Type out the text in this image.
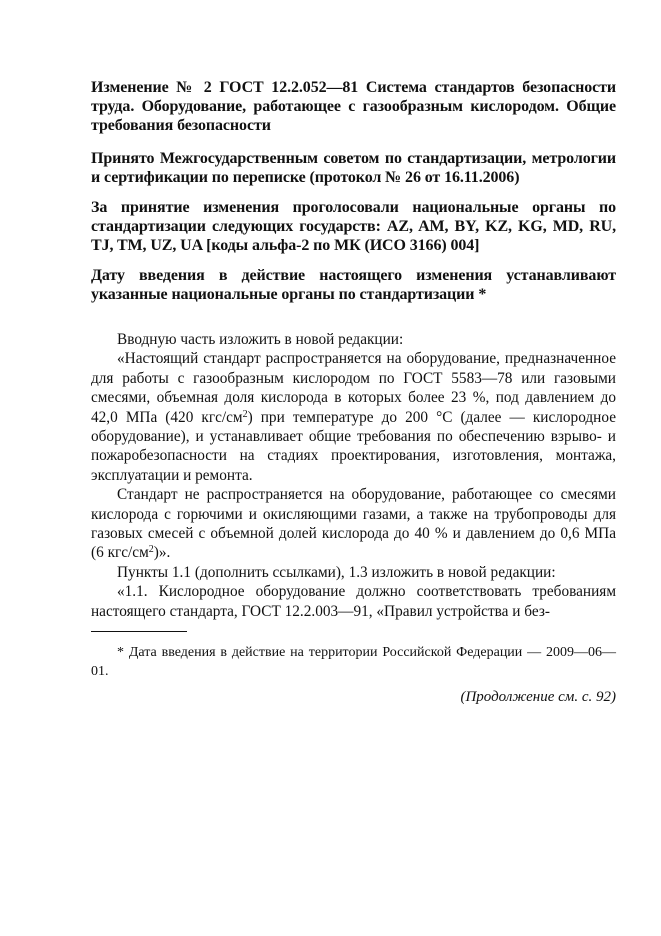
Изменение № 2 ГОСТ 12.2.052—81 Система стандартов безопасности труда. Оборудование, работающее с газообразным кислородом. Общие требования безопасности

Принято Межгосударственным советом по стандартизации, метрологии и сертификации по переписке (протокол № 26 от 16.11.2006)

За принятие изменения проголосовали национальные органы по стандартизации следующих государств: AZ, AM, BY, KZ, KG, MD, RU, TJ, TM, UZ, UA [коды альфа-2 по МК (ИСО 3166) 004]

Дату введения в действие настоящего изменения устанавливают указанные национальные органы по стандартизации *

Вводную часть изложить в новой редакции:

«Настоящий стандарт распространяется на оборудование, предназначенное для работы с газообразным кислородом по ГОСТ 5583—78 или газовыми смесями, объемная доля кислорода в которых более 23 %, под давлением до 42,0 МПа (420 кгс/$см^2$) при температуре до 200 °С (далее — кислородное оборудование), и устанавливает общие требования по обеспечению взрыво- и пожаробезопасности на стадиях проектирования, изготовления, монтажа, эксплуатации и ремонта.

Стандарт не распространяется на оборудование, работающее со смесями кислорода с горючими и окисляющими газами, а также на трубопроводы для газовых смесей с объемной долей кислорода до 40 % и давлением до 0,6 МПа (6 кгс/$см^2$)».

Пункты 1.1 (дополнить ссылками), 1.3 изложить в новой редакции:

«1.1. Кислородное оборудование должно соответствовать требованиям настоящего стандарта, ГОСТ 12.2.003—91, «Правил устройства и без-

* Дата введения в действие на территории Российской Федерации — 2009—06—01.

(Продолжение см. с. 92)
